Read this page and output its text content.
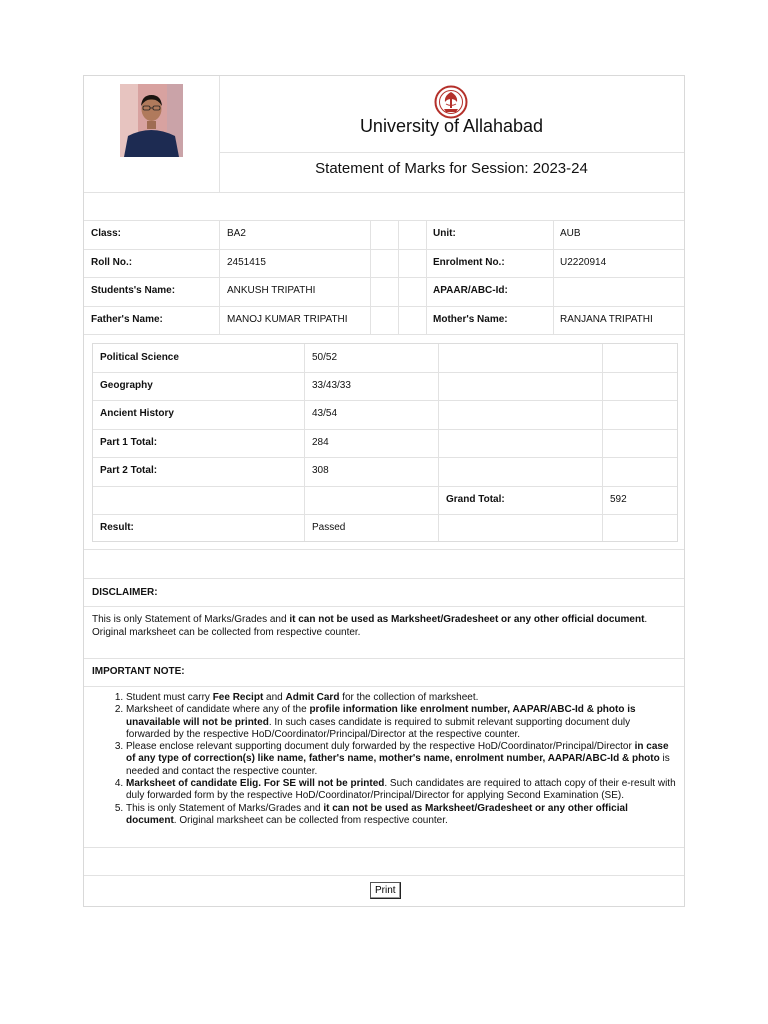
University of Allahabad
Statement of Marks for Session: 2023-24
Class:	BA2	Unit:	AUB
Roll No.:	2451415	Enrolment No.:	U2220914
Students's Name:	ANKUSH TRIPATHI	APAAR/ABC-Id:
Father's Name:	MANOJ KUMAR TRIPATHI	Mother's Name:	RANJANA TRIPATHI
Political Science	50/52
Geography	33/43/33
Ancient History	43/54
Part 1 Total:	284
Part 2 Total:	308
Grand Total:	592
Result:	Passed
DISCLAIMER:
This is only Statement of Marks/Grades and it can not be used as Marksheet/Gradesheet or any other official document. Original marksheet can be collected from respective counter.
IMPORTANT NOTE:
1. Student must carry Fee Recipt and Admit Card for the collection of marksheet.
2. Marksheet of candidate where any of the profile information like enrolment number, AAPAR/ABC-Id & photo is unavailable will not be printed. In such cases candidate is required to submit relevant supporting document duly forwarded by the respective HoD/Coordinator/Principal/Director at the respective counter.
3. Please enclose relevant supporting document duly forwarded by the respective HoD/Coordinator/Principal/Director in case of any type of correction(s) like name, father's name, mother's name, enrolment number, AAPAR/ABC-Id & photo is needed and contact the respective counter.
4. Marksheet of candidate Elig. For SE will not be printed. Such candidates are required to attach copy of their e-result with duly forwarded form by the respective HoD/Coordinator/Principal/Director for applying Second Examination (SE).
5. This is only Statement of Marks/Grades and it can not be used as Marksheet/Gradesheet or any other official document. Original marksheet can be collected from respective counter.
Print
